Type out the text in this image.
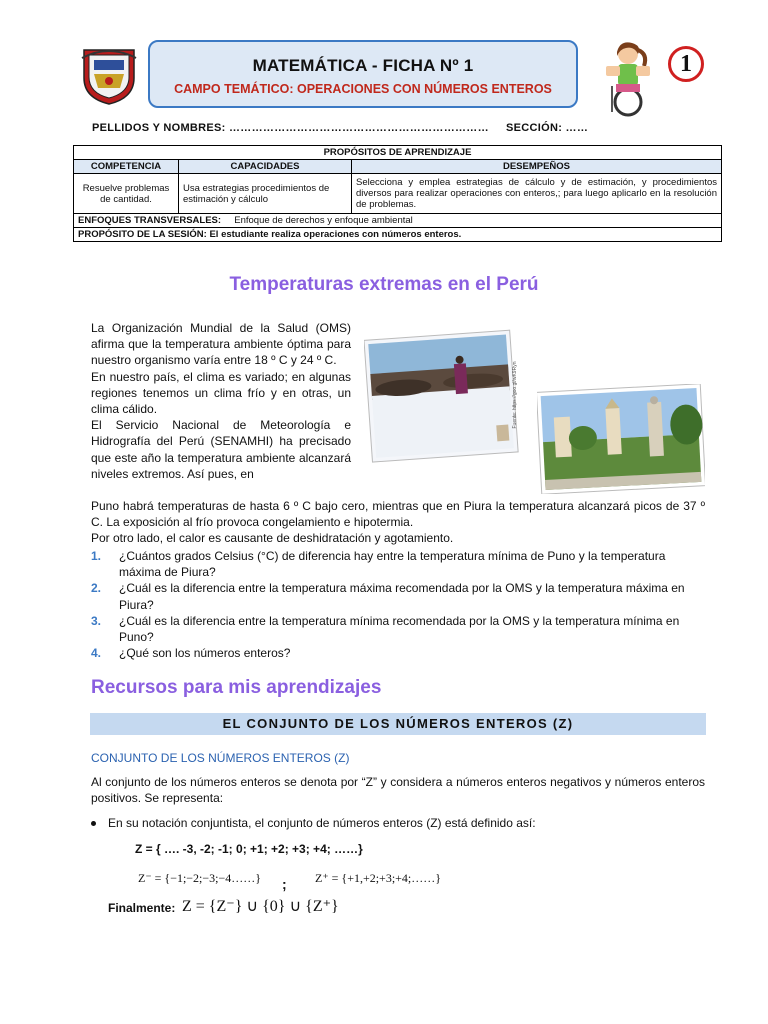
MATEMÁTICA - FICHA Nº 1
CAMPO TEMÁTICO: OPERACIONES CON NÚMEROS ENTEROS
1
PELLIDOS Y NOMBRES: …………………………………………………………… SECCIÓN: ……
PROPÓSITOS DE APRENDIZAJE		
COMPETENCIA	CAPACIDADES	DESEMPEÑOS
Resuelve problemas de cantidad.	Usa estrategias procedimientos de estimación y cálculo	Selecciona y emplea estrategias de cálculo y de estimación, y procedimientos diversos para realizar operaciones con enteros,; para luego aplicarlo en la resolución de problemas.
ENFOQUES TRANSVERSALES: Enfoque de derechos y enfoque ambiental		
PROPÓSITO DE LA SESIÓN: El estudiante realiza operaciones con números enteros.		
Temperaturas extremas en el Perú

La Organización Mundial de la Salud (OMS) afirma que la temperatura ambiente óptima para nuestro organismo varía entre 18 º C y 24 º C.

En nuestro país, el clima es variado; en algunas regiones tenemos un clima frío y en otras, un clima cálido.

El Servicio Nacional de Meteorología e Hidrografía del Perú (SENAMHI) ha precisado que este año la temperatura ambiente alcanzará niveles extremos. Así pues, en

Fuente: https://goo.gl/wK9Ryn

Puno habrá temperaturas de hasta 6 º C bajo cero, mientras que en Piura la temperatura alcanzará picos de 37 º C. La exposición al frío provoca congelamiento e hipotermia.

Por otro lado, el calor es causante de deshidratación y agotamiento.

1. ¿Cuántos grados Celsius (°C) de diferencia hay entre la temperatura mínima de Puno y la temperatura máxima de Piura?
2. ¿Cuál es la diferencia entre la temperatura máxima recomendada por la OMS y la temperatura máxima en Piura?
3. ¿Cuál es la diferencia entre la temperatura mínima recomendada por la OMS y la temperatura mínima en Puno?
4. ¿Qué son los números enteros?
Recursos para mis aprendizajes
EL CONJUNTO DE LOS NÚMEROS ENTEROS (Z)
CONJUNTO DE LOS NÚMEROS ENTEROS (Z)
Al conjunto de los números enteros se denota por “Z” y considera a números enteros negativos y números enteros positivos. Se representa:
En su notación conjuntista, el conjunto de números enteros (Z) está definido así:
Z = { …. -3, -2; -1; 0; +1; +2; +3; +4; ……}
Z⁻ = {−1;−2;−3;−4……} ; Z⁺ = {+1,+2;+3;+4;……}
Finalmente: Z = {Z⁻} ∪ {0} ∪ {Z⁺}
